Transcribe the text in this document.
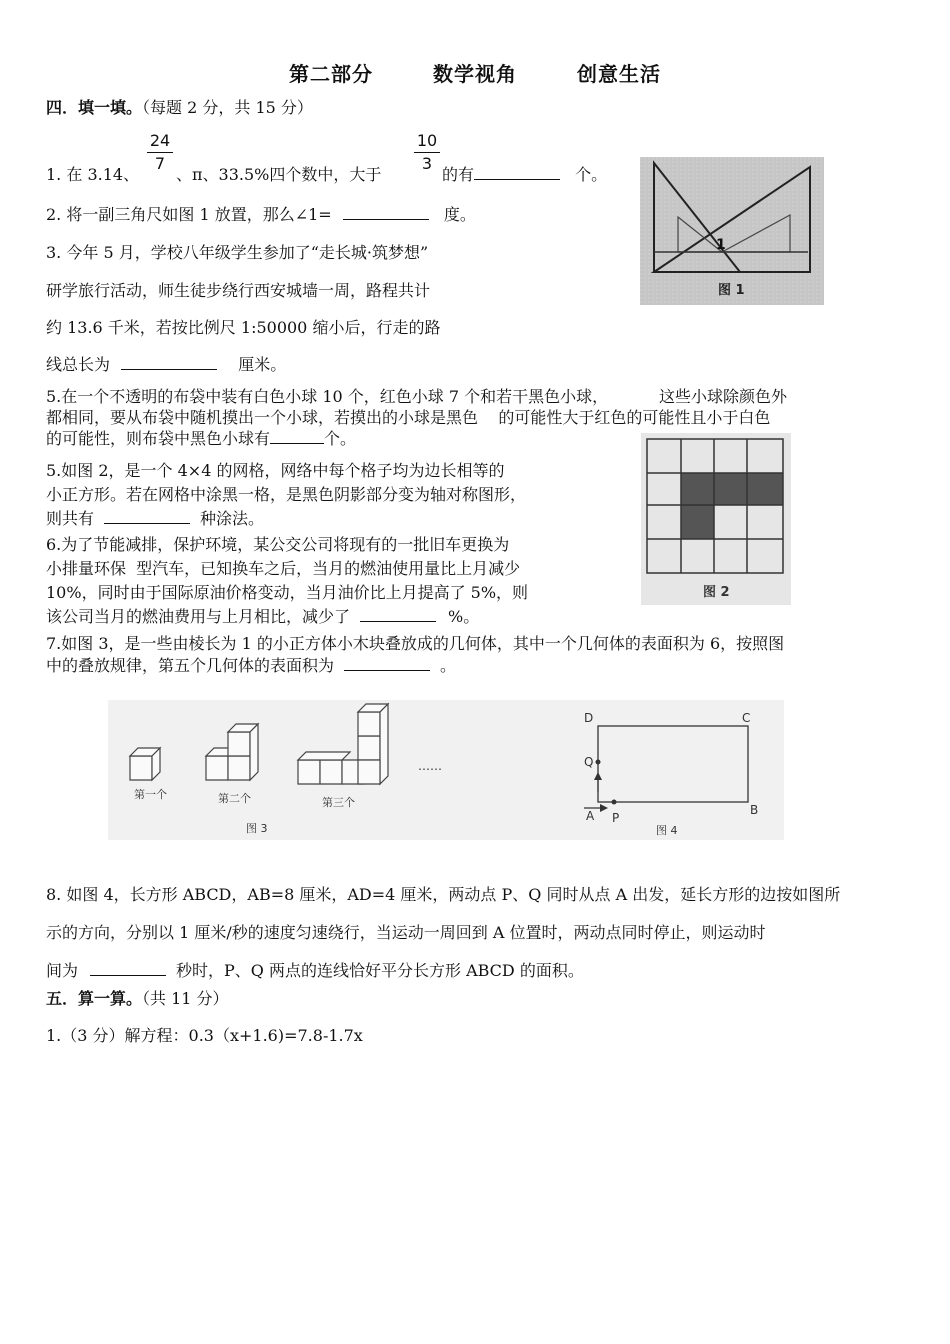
第二部分	数学视角	创意生活
四．填一填。（每题 2 分，共 15 分）
1. 在 3.14、
24
7
、π、33.5%四个数中，大于
10
3
的有	个。
2. 将一副三角尺如图 1 放置，那么∠1=	度。
3. 今年 5 月，学校八年级学生参加了“走长城·筑梦想”
研学旅行活动，师生徒步绕行西安城墙一周，路程共计
约 13.6 千米，若按比例尺 1:50000 缩小后，行走的路
线总长为	厘米。
1
图 1
5.在一个不透明的布袋中装有白色小球 10 个，红色小球 7 个和若干黑色小球，          这些小球除颜色外
都相同，要从布袋中随机摸出一个小球，若摸出的小球是黑色    的可能性大于红色的可能性且小于白色
的可能性，则布袋中黑色小球有	个。
5.如图 2，是一个 4×4 的网格，网络中每个格子均为边长相等的
小正方形。若在网格中涂黑一格，是黑色阴影部分变为轴对称图形，
则共有	种涂法。
图 2
6.为了节能减排，保护环境，某公交公司将现有的一批旧车更换为
小排量环保  型汽车，已知换车之后，当月的燃油使用量比上月减少
10%，同时由于国际原油价格变动，当月油价比上月提高了 5%，则
该公司当月的燃油费用与上月相比，减少了	%。
7.如图 3，是一些由棱长为 1 的小正方体小木块叠放成的几何体，其中一个几何体的表面积为 6，按照图
中的叠放规律，第五个几何体的表面积为	。
第一个	第二个	第三个
……
图 3
D	C
Q
A P
B
图 4
8. 如图 4，长方形 ABCD，AB=8 厘米，AD=4 厘米，两动点 P、Q 同时从点 A 出发，延长方形的边按如图所
示的方向，分别以 1 厘米/秒的速度匀速绕行，当运动一周回到 A 位置时，两动点同时停止，则运动时
间为	秒时，P、Q 两点的连线恰好平分长方形 ABCD 的面积。
五．算一算。（共 11 分）
1.（3 分）解方程：0.3（x+1.6)=7.8-1.7x
